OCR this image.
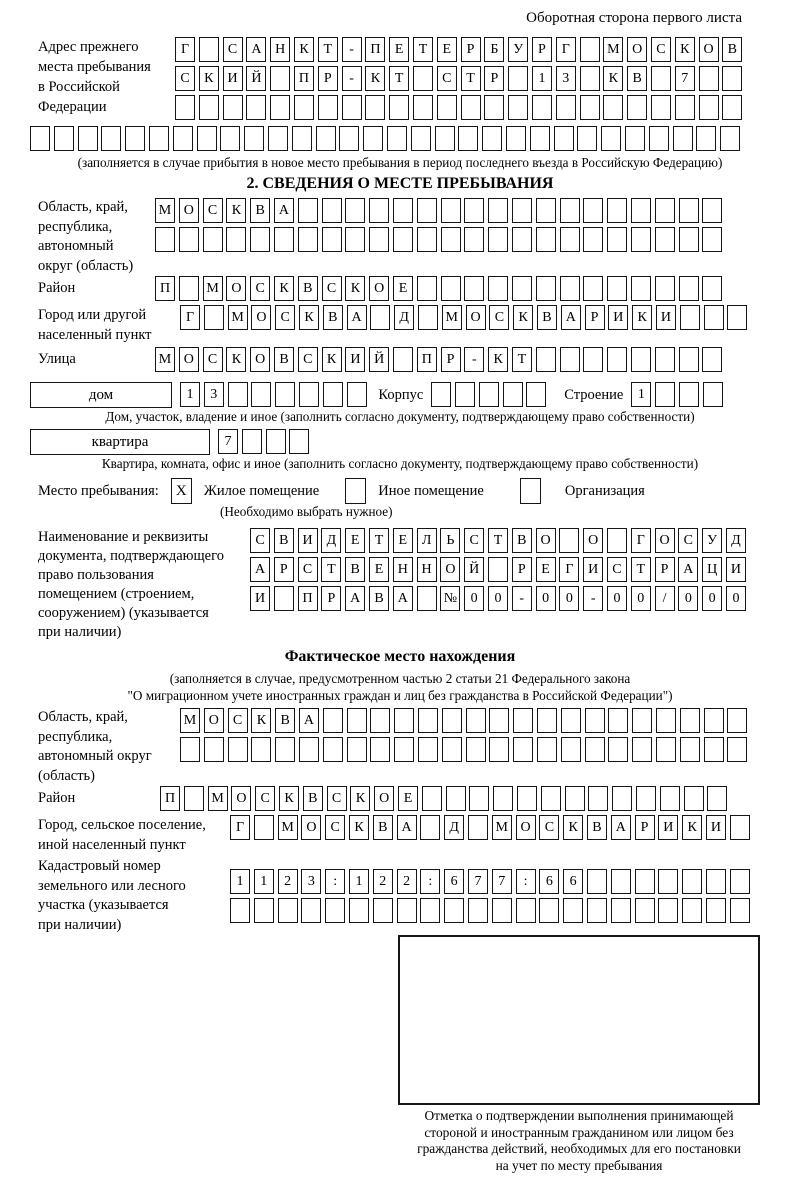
Оборотная сторона первого листа
Адрес прежнего
места пребывания
в Российской
Федерации
Г	С	А Н	К	Т	-	П	Е	Т	Е	Р	Б	У	Р	Г	М О	С	К	О	В
С	К	И Й	П	Р	-	К	Т	С	Т	Р	1	3	К	В	7
(заполняется в случае прибытия в новое место пребывания в период последнего въезда в Российскую Федерацию)
2. СВЕДЕНИЯ О МЕСТЕ ПРЕБЫВАНИЯ
Область, край,
республика,
автономный
округ (область)
М О	С	К	В	А
Район	П	М О	С	К	В	С	К	О	Е
Город или другой
населенный пункт
Г	М О	С	К	В	А	Д	М О	С	К	В	А	Р	И	К	И
Улица	М О	С	К	О	В	С	К	И Й	П	Р	-	К	Т
дом	1	3	Корпус	Строение	1
Дом, участок, владение и иное (заполнить согласно документу, подтверждающему право собственности)
квартира	7
Квартира, комната, офис и иное (заполнить согласно документу, подтверждающему право собственности)
Место пребывания:	X	Жилое помещение	Иное помещение	Организация
(Необходимо выбрать нужное)
Наименование и реквизиты
документа, подтверждающего
право пользования
помещением (строением,
сооружением) (указывается
при наличии)
С	В	И Д	Е	Т	Е	Л	Ь	С	Т	В	О	О	Г	О	С	У	Д
А	Р	С	Т	В	Е	Н Н О Й	Р	Е	Г	И	С	Т	Р	А Ц И
И	П	Р	А	В	А	№ 0	0	-	0	0	-	0	0	/	0	0	0
Фактическое место нахождения
(заполняется в случае, предусмотренном частью 2 статьи 21 Федерального закона
"О миграционном учете иностранных граждан и лиц без гражданства в Российской Федерации")
Область, край,
республика,
автономный округ
(область)
М О	С	К	В	А
Район	П	М О	С	К	В	С	К	О	Е
Город, сельское поселение,
иной населенный пункт
Г	М О	С	К	В	А	Д	М О	С	К	В	А	Р	И	К	И
Кадастровый номер
земельного или лесного
участка (указывается
при наличии)
1	1	2	3	:	1	2	2	:	6	7	7	:	6	6
Отметка о подтверждении выполнения принимающей
стороной и иностранным гражданином или лицом без
гражданства действий, необходимых для его постановки
на учет по месту пребывания
